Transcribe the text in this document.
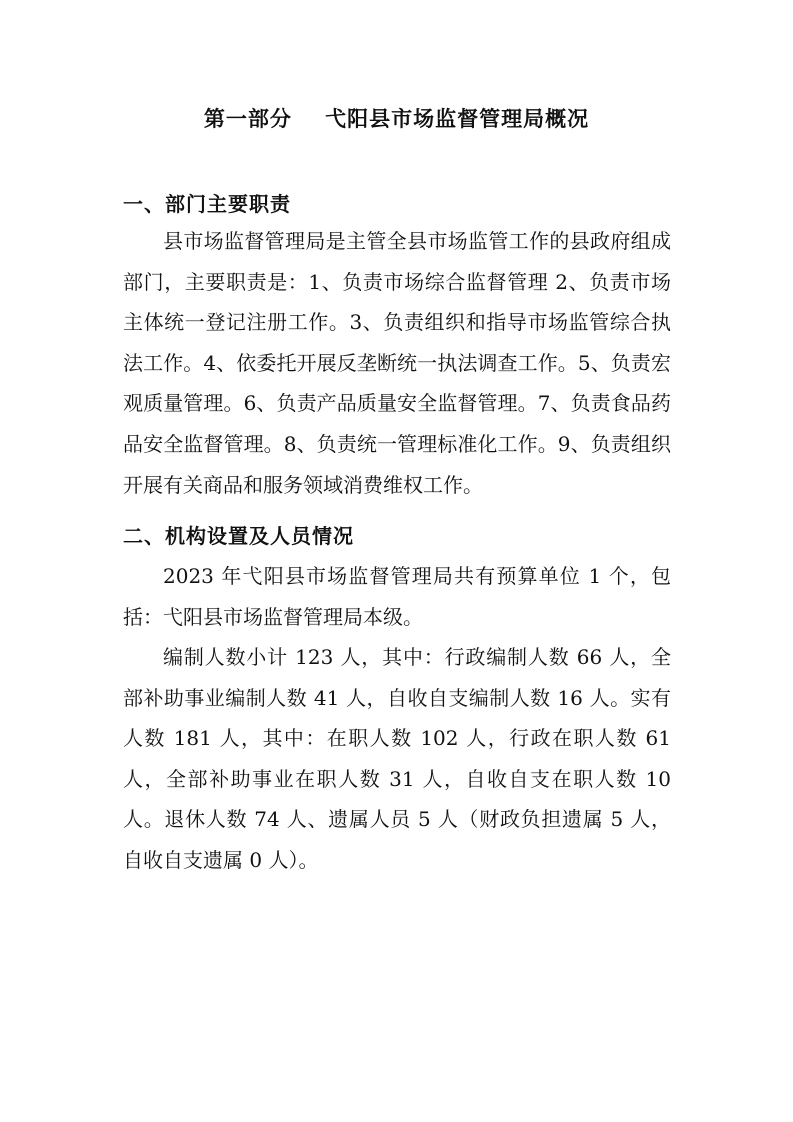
第一部分    弋阳县市场监督管理局概况
一、部门主要职责

县市场监督管理局是主管全县市场监管工作的县政府组成部门，主要职责是：1、负责市场综合监督管理 2、负责市场主体统一登记注册工作。3、负责组织和指导市场监管综合执法工作。4、依委托开展反垄断统一执法调查工作。5、负责宏观质量管理。6、负责产品质量安全监督管理。7、负责食品药品安全监督管理。8、负责统一管理标准化工作。9、负责组织开展有关商品和服务领域消费维权工作。

二、机构设置及人员情况

2023 年弋阳县市场监督管理局共有预算单位 1 个，包括：弋阳县市场监督管理局本级。

编制人数小计 123 人，其中：行政编制人数 66 人，全部补助事业编制人数 41 人，自收自支编制人数 16 人。实有人数 181 人，其中：在职人数 102 人，行政在职人数 61 人，全部补助事业在职人数 31 人，自收自支在职人数 10 人。退休人数 74 人、遗属人员 5 人（财政负担遗属 5 人，自收自支遗属 0 人）。
